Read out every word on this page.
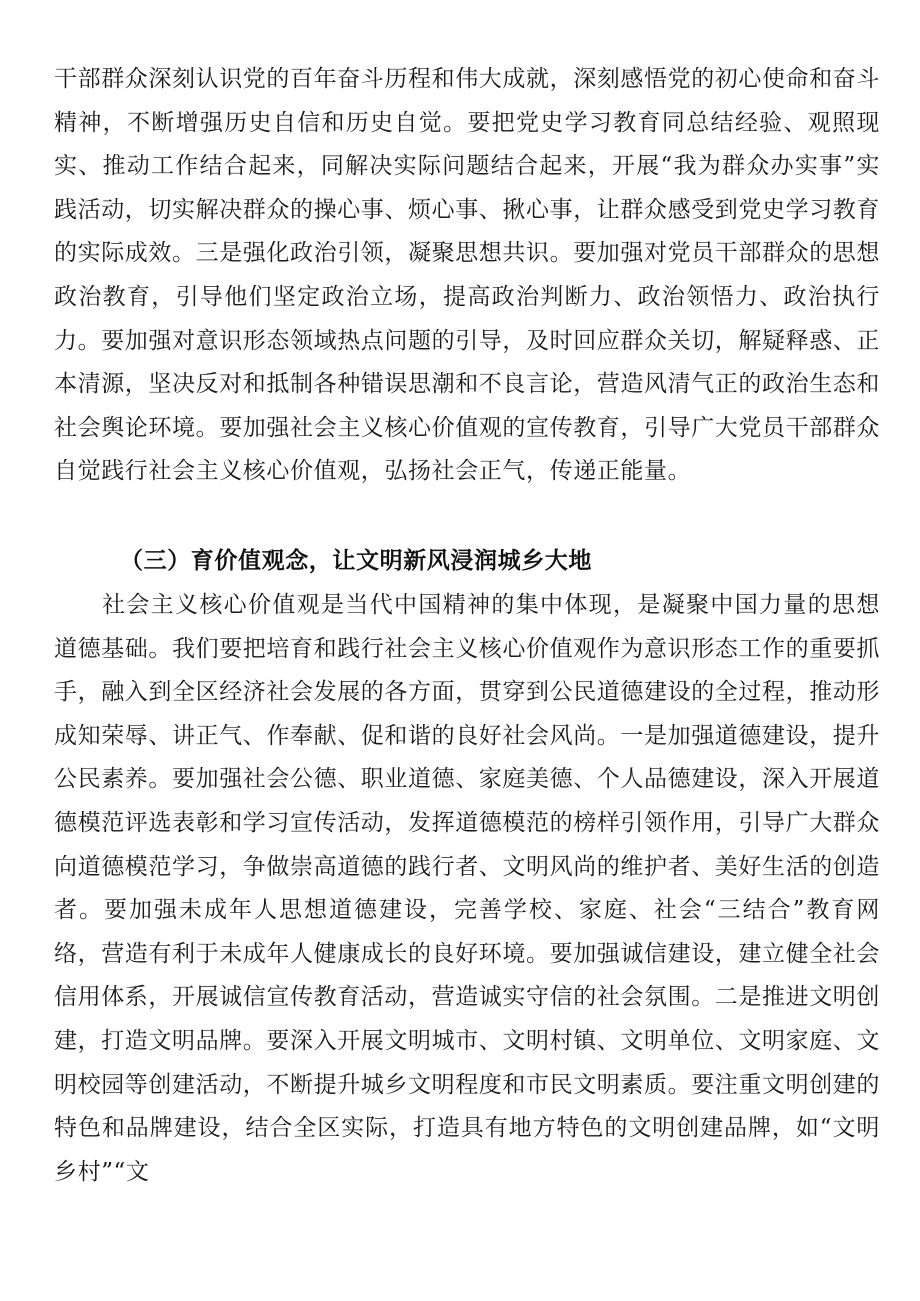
干部群众深刻认识党的百年奋斗历程和伟大成就，深刻感悟党的初心使命和奋斗精神，不断增强历史自信和历史自觉。要把党史学习教育同总结经验、观照现实、推动工作结合起来，同解决实际问题结合起来，开展“我为群众办实事”实践活动，切实解决群众的操心事、烦心事、揪心事，让群众感受到党史学习教育的实际成效。三是强化政治引领，凝聚思想共识。要加强对党员干部群众的思想政治教育，引导他们坚定政治立场，提高政治判断力、政治领悟力、政治执行力。要加强对意识形态领域热点问题的引导，及时回应群众关切，解疑释惑、正本清源，坚决反对和抵制各种错误思潮和不良言论，营造风清气正的政治生态和社会舆论环境。要加强社会主义核心价值观的宣传教育，引导广大党员干部群众自觉践行社会主义核心价值观，弘扬社会正气，传递正能量。

（三）育价值观念，让文明新风浸润城乡大地

社会主义核心价值观是当代中国精神的集中体现，是凝聚中国力量的思想道德基础。我们要把培育和践行社会主义核心价值观作为意识形态工作的重要抓手，融入到全区经济社会发展的各方面，贯穿到公民道德建设的全过程，推动形成知荣辱、讲正气、作奉献、促和谐的良好社会风尚。一是加强道德建设，提升公民素养。要加强社会公德、职业道德、家庭美德、个人品德建设，深入开展道德模范评选表彰和学习宣传活动，发挥道德模范的榜样引领作用，引导广大群众向道德模范学习，争做崇高道德的践行者、文明风尚的维护者、美好生活的创造者。要加强未成年人思想道德建设，完善学校、家庭、社会“三结合”教育网络，营造有利于未成年人健康成长的良好环境。要加强诚信建设，建立健全社会信用体系，开展诚信宣传教育活动，营造诚实守信的社会氛围。二是推进文明创建，打造文明品牌。要深入开展文明城市、文明村镇、文明单位、文明家庭、文明校园等创建活动，不断提升城乡文明程度和市民文明素质。要注重文明创建的特色和品牌建设，结合全区实际，打造具有地方特色的文明创建品牌，如“文明乡村”“文
